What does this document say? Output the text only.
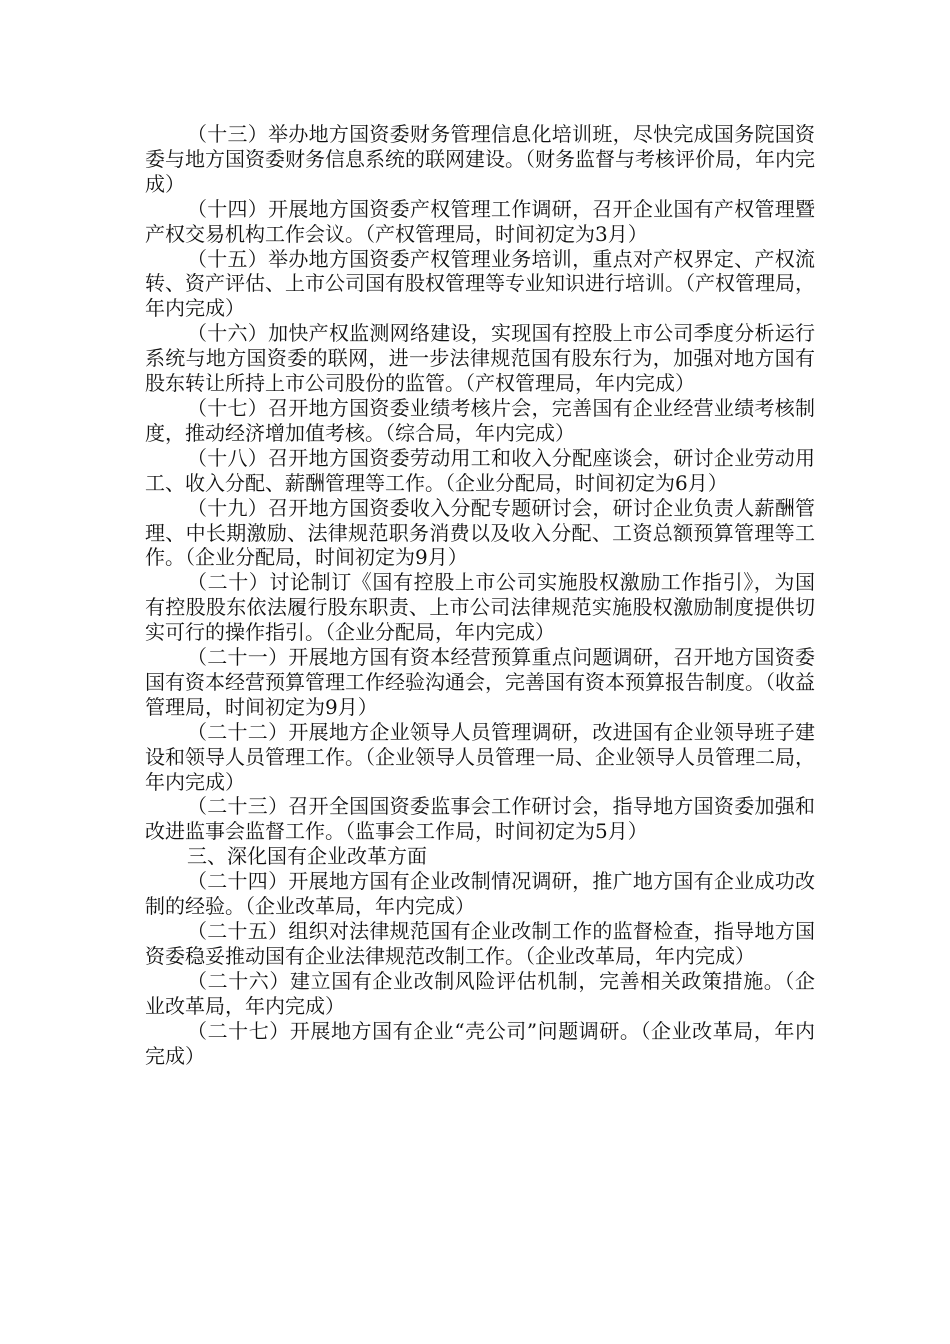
（十三）举办地方国资委财务管理信息化培训班，尽快完成国务院国资委与地方国资委财务信息系统的联网建设。（财务监督与考核评价局，年内完成）

（十四）开展地方国资委产权管理工作调研，召开企业国有产权管理暨产权交易机构工作会议。（产权管理局，时间初定为3月）

（十五）举办地方国资委产权管理业务培训，重点对产权界定、产权流转、资产评估、上市公司国有股权管理等专业知识进行培训。（产权管理局，年内完成）

（十六）加快产权监测网络建设，实现国有控股上市公司季度分析运行系统与地方国资委的联网，进一步法律规范国有股东行为，加强对地方国有股东转让所持上市公司股份的监管。（产权管理局，年内完成）

（十七）召开地方国资委业绩考核片会，完善国有企业经营业绩考核制度，推动经济增加值考核。（综合局，年内完成）

（十八）召开地方国资委劳动用工和收入分配座谈会，研讨企业劳动用工、收入分配、薪酬管理等工作。（企业分配局，时间初定为6月）

（十九）召开地方国资委收入分配专题研讨会，研讨企业负责人薪酬管理、中长期激励、法律规范职务消费以及收入分配、工资总额预算管理等工作。（企业分配局，时间初定为9月）

（二十）讨论制订《国有控股上市公司实施股权激励工作指引》，为国有控股股东依法履行股东职责、上市公司法律规范实施股权激励制度提供切实可行的操作指引。（企业分配局，年内完成）

（二十一）开展地方国有资本经营预算重点问题调研，召开地方国资委国有资本经营预算管理工作经验沟通会，完善国有资本预算报告制度。（收益管理局，时间初定为9月）

（二十二）开展地方企业领导人员管理调研，改进国有企业领导班子建设和领导人员管理工作。（企业领导人员管理一局、企业领导人员管理二局，年内完成）

（二十三）召开全国国资委监事会工作研讨会，指导地方国资委加强和改进监事会监督工作。（监事会工作局，时间初定为5月）

三、深化国有企业改革方面

（二十四）开展地方国有企业改制情况调研，推广地方国有企业成功改制的经验。（企业改革局，年内完成）

（二十五）组织对法律规范国有企业改制工作的监督检查，指导地方国资委稳妥推动国有企业法律规范改制工作。（企业改革局，年内完成）

（二十六）建立国有企业改制风险评估机制，完善相关政策措施。（企业改革局，年内完成）

（二十七）开展地方国有企业“壳公司”问题调研。（企业改革局，年内完成）
